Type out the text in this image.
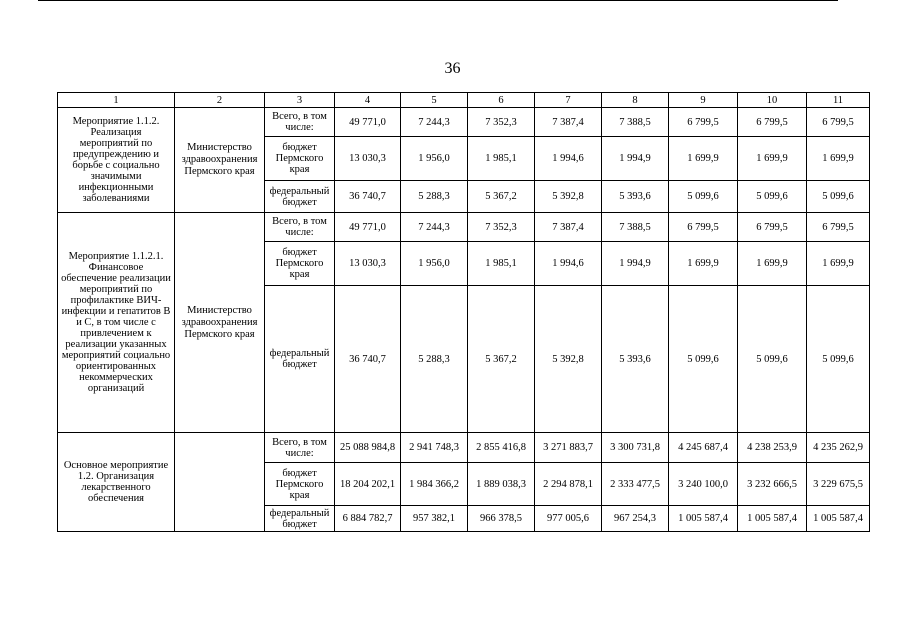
36
1	2	3	4	5	6	7	8	9	10	11
Мероприятие 1.1.2. Реализация мероприятий по предупреждению и борьбе с социально значимыми инфекционными заболеваниями	Министерство здравоохранения Пермского края	Всего, в том числе:	49 771,0	7 244,3	7 352,3	7 387,4	7 388,5	6 799,5	6 799,5	6 799,5
		бюджет Пермского края	13 030,3	1 956,0	1 985,1	1 994,6	1 994,9	1 699,9	1 699,9	1 699,9
		федеральный бюджет	36 740,7	5 288,3	5 367,2	5 392,8	5 393,6	5 099,6	5 099,6	5 099,6
Мероприятие 1.1.2.1. Финансовое обеспечение реализации мероприятий по профилактике ВИЧ-инфекции и гепатитов В и С, в том числе с привлечением к реализации указанных мероприятий социально ориентированных некоммерческих организаций	Министерство здравоохранения Пермского края	Всего, в том числе:	49 771,0	7 244,3	7 352,3	7 387,4	7 388,5	6 799,5	6 799,5	6 799,5
		бюджет Пермского края	13 030,3	1 956,0	1 985,1	1 994,6	1 994,9	1 699,9	1 699,9	1 699,9
		федеральный бюджет	36 740,7	5 288,3	5 367,2	5 392,8	5 393,6	5 099,6	5 099,6	5 099,6
Основное мероприятие 1.2. Организация лекарственного обеспечения		Всего, в том числе:	25 088 984,8	2 941 748,3	2 855 416,8	3 271 883,7	3 300 731,8	4 245 687,4	4 238 253,9	4 235 262,9
		бюджет Пермского края	18 204 202,1	1 984 366,2	1 889 038,3	2 294 878,1	2 333 477,5	3 240 100,0	3 232 666,5	3 229 675,5
		федеральный бюджет	6 884 782,7	957 382,1	966 378,5	977 005,6	967 254,3	1 005 587,4	1 005 587,4	1 005 587,4
